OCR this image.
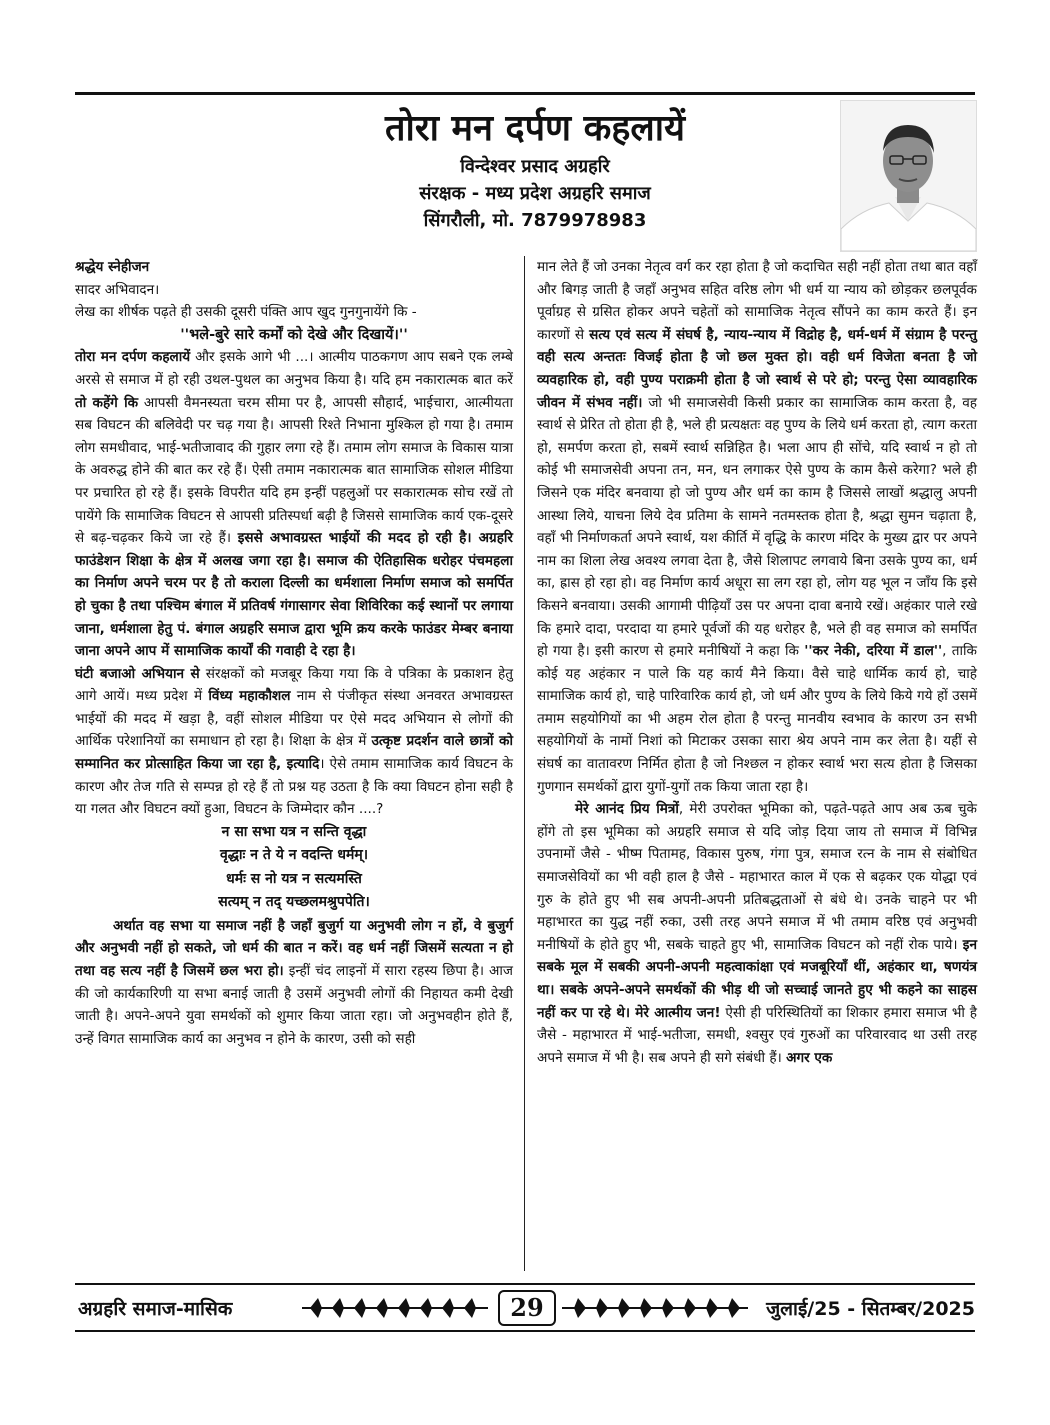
तोरा मन दर्पण कहलायें
विन्देश्वर प्रसाद अग्रहरि
संरक्षक - मध्य प्रदेश अग्रहरि समाज
सिंगरौली, मो. 7879978983

श्रद्धेय स्नेहीजन

सादर अभिवादन।

लेख का शीर्षक पढ़ते ही उसकी दूसरी पंक्ति आप खुद गुनगुनायेंगे कि -

''भले-बुरे सारे कर्मों को देखे और दिखायें।''

तोरा मन दर्पण कहलायें और इसके आगे भी ...। आत्मीय पाठकगण आप सबने एक लम्बे अरसे से समाज में हो रही उथल-पुथल का अनुभव किया है। यदि हम नकारात्मक बात करें तो कहेंगे कि आपसी वैमनस्यता चरम सीमा पर है, आपसी सौहार्द, भाईचारा, आत्मीयता सब विघटन की बलिवेदी पर चढ़ गया है। आपसी रिश्ते निभाना मुश्किल हो गया है। तमाम लोग समधीवाद, भाई-भतीजावाद की गुहार लगा रहे हैं। तमाम लोग समाज के विकास यात्रा के अवरुद्ध होने की बात कर रहे हैं। ऐसी तमाम नकारात्मक बात सामाजिक सोशल मीडिया पर प्रचारित हो रहे हैं। इसके विपरीत यदि हम इन्हीं पहलुओं पर सकारात्मक सोच रखें तो पायेंगे कि सामाजिक विघटन से आपसी प्रतिस्पर्धा बढ़ी है जिससे सामाजिक कार्य एक-दूसरे से बढ़-चढ़कर किये जा रहे हैं। इससे अभावग्रस्त भाईयों की मदद हो रही है। अग्रहरि फाउंडेशन शिक्षा के क्षेत्र में अलख जगा रहा है। समाज की ऐतिहासिक धरोहर पंचमहला का निर्माण अपने चरम पर है तो कराला दिल्ली का धर्मशाला निर्माण समाज को समर्पित हो चुका है तथा पश्चिम बंगाल में प्रतिवर्ष गंगासागर सेवा शिविरिका कई स्थानों पर लगाया जाना, धर्मशाला हेतु पं. बंगाल अग्रहरि समाज द्वारा भूमि क्रय करके फाउंडर मेम्बर बनाया जाना अपने आप में सामाजिक कार्यों की गवाही दे रहा है।

घंटी बजाओ अभियान से संरक्षकों को मजबूर किया गया कि वे पत्रिका के प्रकाशन हेतु आगे आयें। मध्य प्रदेश में विंध्य महाकौशल नाम से पंजीकृत संस्था अनवरत अभावग्रस्त भाईयों की मदद में खड़ा है, वहीं सोशल मीडिया पर ऐसे मदद अभियान से लोगों की आर्थिक परेशानियों का समाधान हो रहा है। शिक्षा के क्षेत्र में उत्कृष्ट प्रदर्शन वाले छात्रों को सम्मानित कर प्रोत्साहित किया जा रहा है, इत्यादि। ऐसे तमाम सामाजिक कार्य विघटन के कारण और तेज गति से सम्पन्न हो रहे हैं तो प्रश्न यह उठता है कि क्या विघटन होना सही है या गलत और विघटन क्यों हुआ, विघटन के जिम्मेदार कौन ....?

न सा सभा यत्र न सन्ति वृद्धा
वृद्धाः न ते ये न वदन्ति धर्मम्।
धर्मः स नो यत्र न सत्यमस्ति
सत्यम् न तद् यच्छलमश्रुपपेति।

अर्थात वह सभा या समाज नहीं है जहाँ बुजुर्ग या अनुभवी लोग न हों, वे बुजुर्ग और अनुभवी नहीं हो सकते, जो धर्म की बात न करें। वह धर्म नहीं जिसमें सत्यता न हो तथा वह सत्य नहीं है जिसमें छल भरा हो। इन्हीं चंद लाइनों में सारा रहस्य छिपा है। आज की जो कार्यकारिणी या सभा बनाई जाती है उसमें अनुभवी लोगों की निहायत कमी देखी जाती है। अपने-अपने युवा समर्थकों को शुमार किया जाता रहा। जो अनुभवहीन होते हैं, उन्हें विगत सामाजिक कार्य का अनुभव न होने के कारण, उसी को सही

मान लेते हैं जो उनका नेतृत्व वर्ग कर रहा होता है जो कदाचित सही नहीं होता तथा बात वहाँ और बिगड़ जाती है जहाँ अनुभव सहित वरिष्ठ लोग भी धर्म या न्याय को छोड़कर छलपूर्वक पूर्वाग्रह से ग्रसित होकर अपने चहेतों को सामाजिक नेतृत्व सौंपने का काम करते हैं। इन कारणों से सत्य एवं सत्य में संघर्ष है, न्याय-न्याय में विद्रोह है, धर्म-धर्म में संग्राम है परन्तु वही सत्य अन्ततः विजई होता है जो छल मुक्त हो। वही धर्म विजेता बनता है जो व्यवहारिक हो, वही पुण्य पराक्रमी होता है जो स्वार्थ से परे हो; परन्तु ऐसा व्यावहारिक जीवन में संभव नहीं। जो भी समाजसेवी किसी प्रकार का सामाजिक काम करता है, वह स्वार्थ से प्रेरित तो होता ही है, भले ही प्रत्यक्षतः वह पुण्य के लिये धर्म करता हो, त्याग करता हो, समर्पण करता हो, सबमें स्वार्थ सन्निहित है। भला आप ही सोंचे, यदि स्वार्थ न हो तो कोई भी समाजसेवी अपना तन, मन, धन लगाकर ऐसे पुण्य के काम कैसे करेगा? भले ही जिसने एक मंदिर बनवाया हो जो पुण्य और धर्म का काम है जिससे लाखों श्रद्धालु अपनी आस्था लिये, याचना लिये देव प्रतिमा के सामने नतमस्तक होता है, श्रद्धा सुमन चढ़ाता है, वहाँ भी निर्माणकर्ता अपने स्वार्थ, यश कीर्ति में वृद्धि के कारण मंदिर के मुख्य द्वार पर अपने नाम का शिला लेख अवश्य लगवा देता है, जैसे शिलापट लगवाये बिना उसके पुण्य का, धर्म का, ह्रास हो रहा हो। वह निर्माण कार्य अधूरा सा लग रहा हो, लोग यह भूल न जाँय कि इसे किसने बनवाया। उसकी आगामी पीढ़ियाँ उस पर अपना दावा बनाये रखें। अहंकार पाले रखे कि हमारे दादा, परदादा या हमारे पूर्वजों की यह धरोहर है, भले ही वह समाज को समर्पित हो गया है। इसी कारण से हमारे मनीषियों ने कहा कि ''कर नेकी, दरिया में डाल'', ताकि कोई यह अहंकार न पाले कि यह कार्य मैने किया। वैसे चाहे धार्मिक कार्य हो, चाहे सामाजिक कार्य हो, चाहे पारिवारिक कार्य हो, जो धर्म और पुण्य के लिये किये गये हों उसमें तमाम सहयोगियों का भी अहम रोल होता है परन्तु मानवीय स्वभाव के कारण उन सभी सहयोगियों के नामों निशां को मिटाकर उसका सारा श्रेय अपने नाम कर लेता है। यहीं से संघर्ष का वातावरण निर्मित होता है जो निश्छल न होकर स्वार्थ भरा सत्य होता है जिसका गुणगान समर्थकों द्वारा युगों-युगों तक किया जाता रहा है।

मेरे आनंद प्रिय मित्रों, मेरी उपरोक्त भूमिका को, पढ़ते-पढ़ते आप अब ऊब चुके होंगे तो इस भूमिका को अग्रहरि समाज से यदि जोड़ दिया जाय तो समाज में विभिन्न उपनामों जैसे - भीष्म पितामह, विकास पुरुष, गंगा पुत्र, समाज रत्न के नाम से संबोधित समाजसेवियों का भी वही हाल है जैसे - महाभारत काल में एक से बढ़कर एक योद्धा एवं गुरु के होते हुए भी सब अपनी-अपनी प्रतिबद्धताओं से बंधे थे। उनके चाहने पर भी महाभारत का युद्ध नहीं रुका, उसी तरह अपने समाज में भी तमाम वरिष्ठ एवं अनुभवी मनीषियों के होते हुए भी, सबके चाहते हुए भी, सामाजिक विघटन को नहीं रोक पाये। इन सबके मूल में सबकी अपनी-अपनी महत्वाकांक्षा एवं मजबूरियाँ थीं, अहंकार था, षणयंत्र था। सबके अपने-अपने समर्थकों की भीड़ थी जो सच्चाई जानते हुए भी कहने का साहस नहीं कर पा रहे थे। मेरे आत्मीय जन! ऐसी ही परिस्थितियों का शिकार हमारा समाज भी है जैसे - महाभारत में भाई-भतीजा, समधी, श्वसुर एवं गुरुओं का परिवारवाद था उसी तरह अपने समाज में भी है। सब अपने ही सगे संबंधी हैं। अगर एक

अग्रहरि समाज-मासिक	29	जुलाई/25 - सितम्बर/2025
